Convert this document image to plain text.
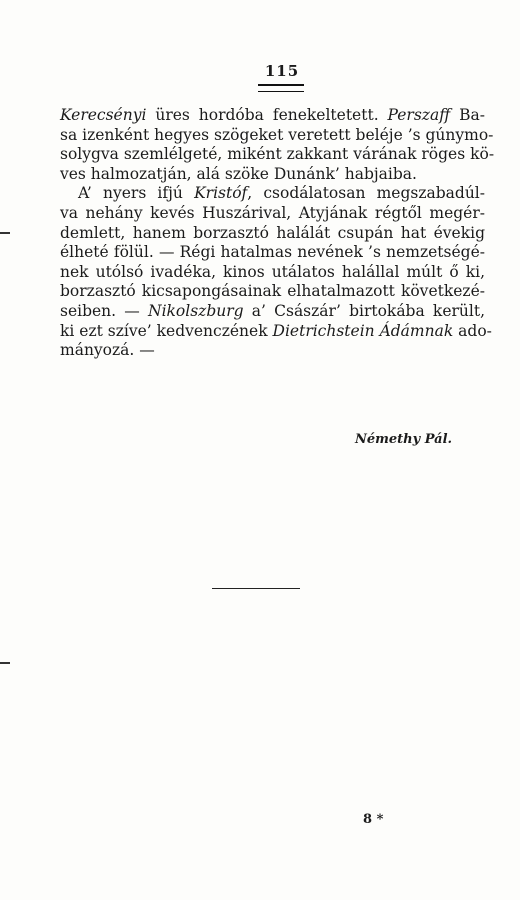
115
Kerecsényi üres hordóba fenekeltetett. Perszaff Ba-
sa izenként hegyes szögeket veretett beléje ’s gúnymo-
solygva szemlélgeté, miként zakkant várának röges kö-
ves halmozatján, alá szöke Dunánk’ habjaiba.
A’ nyers ifjú Kristóf, csodálatosan megszabadúl-
va nehány kevés Huszárival, Atyjának régtől megér-
demlett, hanem borzasztó halálát csupán hat évekig
élheté fölül. — Régi hatalmas nevének ’s nemzetségé-
nek utólsó ivadéka, kinos utálatos halállal múlt ő ki,
borzasztó kicsapongásainak elhatalmazott következé-
seiben. — Nikolszburg a’ Császár’ birtokába került,
ki ezt szíve’ kedvenczének Dietrichstein Ádámnak ado-
mányozá. —
Némethy Pál.
8 *
